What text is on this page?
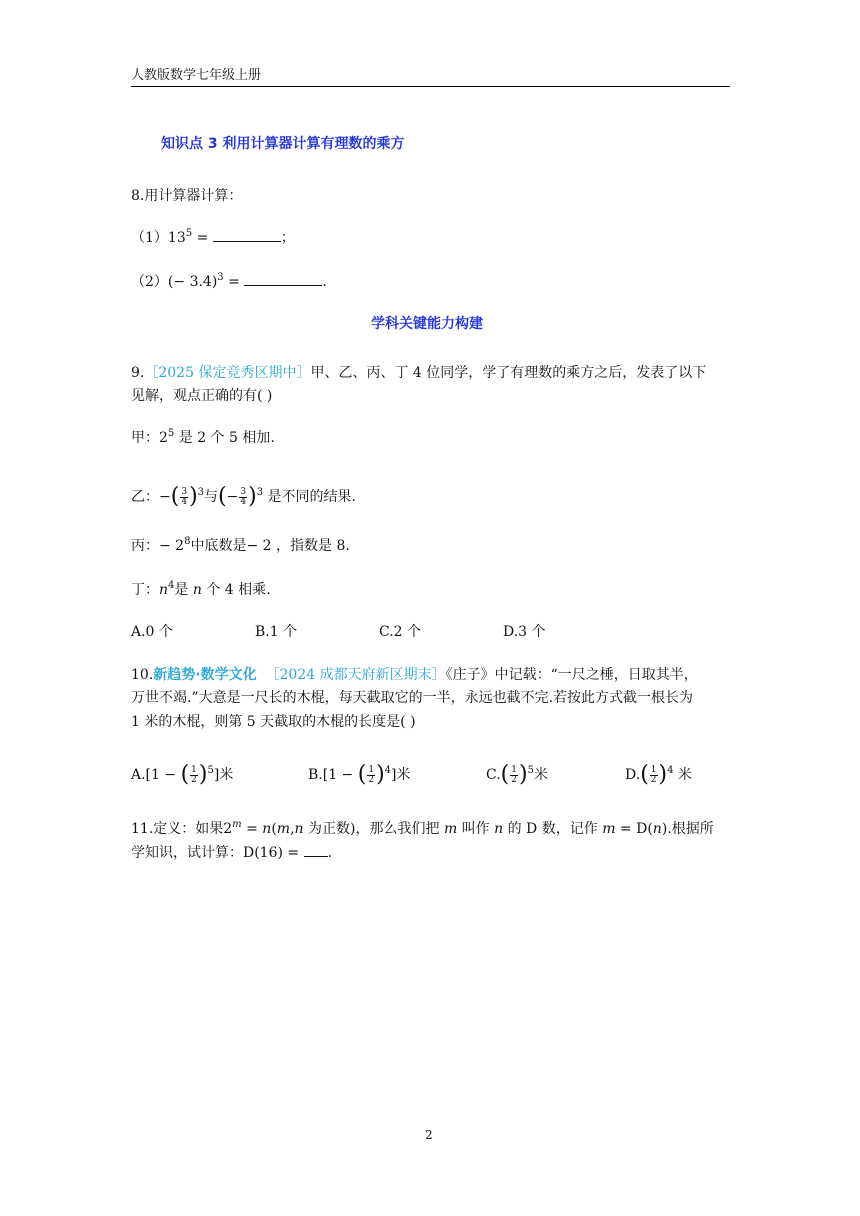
人教版数学七年级上册
知识点 3 利用计算器计算有理数的乘方
8.用计算器计算：
$(1)13^5$ =	；
$(2)(- 3.4)^3$ =	.
学科关键能力构建
9.［2025 保定竞秀区期中］甲、乙、丙、丁 4 位同学，学了有理数的乘方之后，发表了以下
见解，观点正确的有( )
甲：$2^5$ 是 2 个 5 相加.
乙：−( $\frac{3}{4} )^3$与(− $\frac{3}{4} )^3$ 是不同的结果.
丙：− $2^8$中底数是− 2 ，指数是 8.
丁：$n^4$是 n 个 4 相乘.
A.0 个	B.1 个	C.2 个	D.3 个
10.新趋势·数学文化 ［2024 成都天府新区期末］《庄子》中记载：“一尺之棰，日取其半，
万世不竭.”大意是一尺长的木棍，每天截取它的一半，永远也截不完.若按此方式截一根长为
1 米的木棍，则第 5 天截取的木棍的长度是( )
A.[1 − ( $\frac{1}{2} )^5$]米	B.[1 − ( $\frac{1}{2} )^4$]米	$C.( \frac{1}{2} )^5$米	$D.( \frac{1}{2} )^4$ 米
11.定义：如果$2^m = n(m,n$ 为正数)，那么我们把 m 叫作 n 的 D 数，记作 m = D(n).根据所
学知识，试计算：D(16) = .
2
